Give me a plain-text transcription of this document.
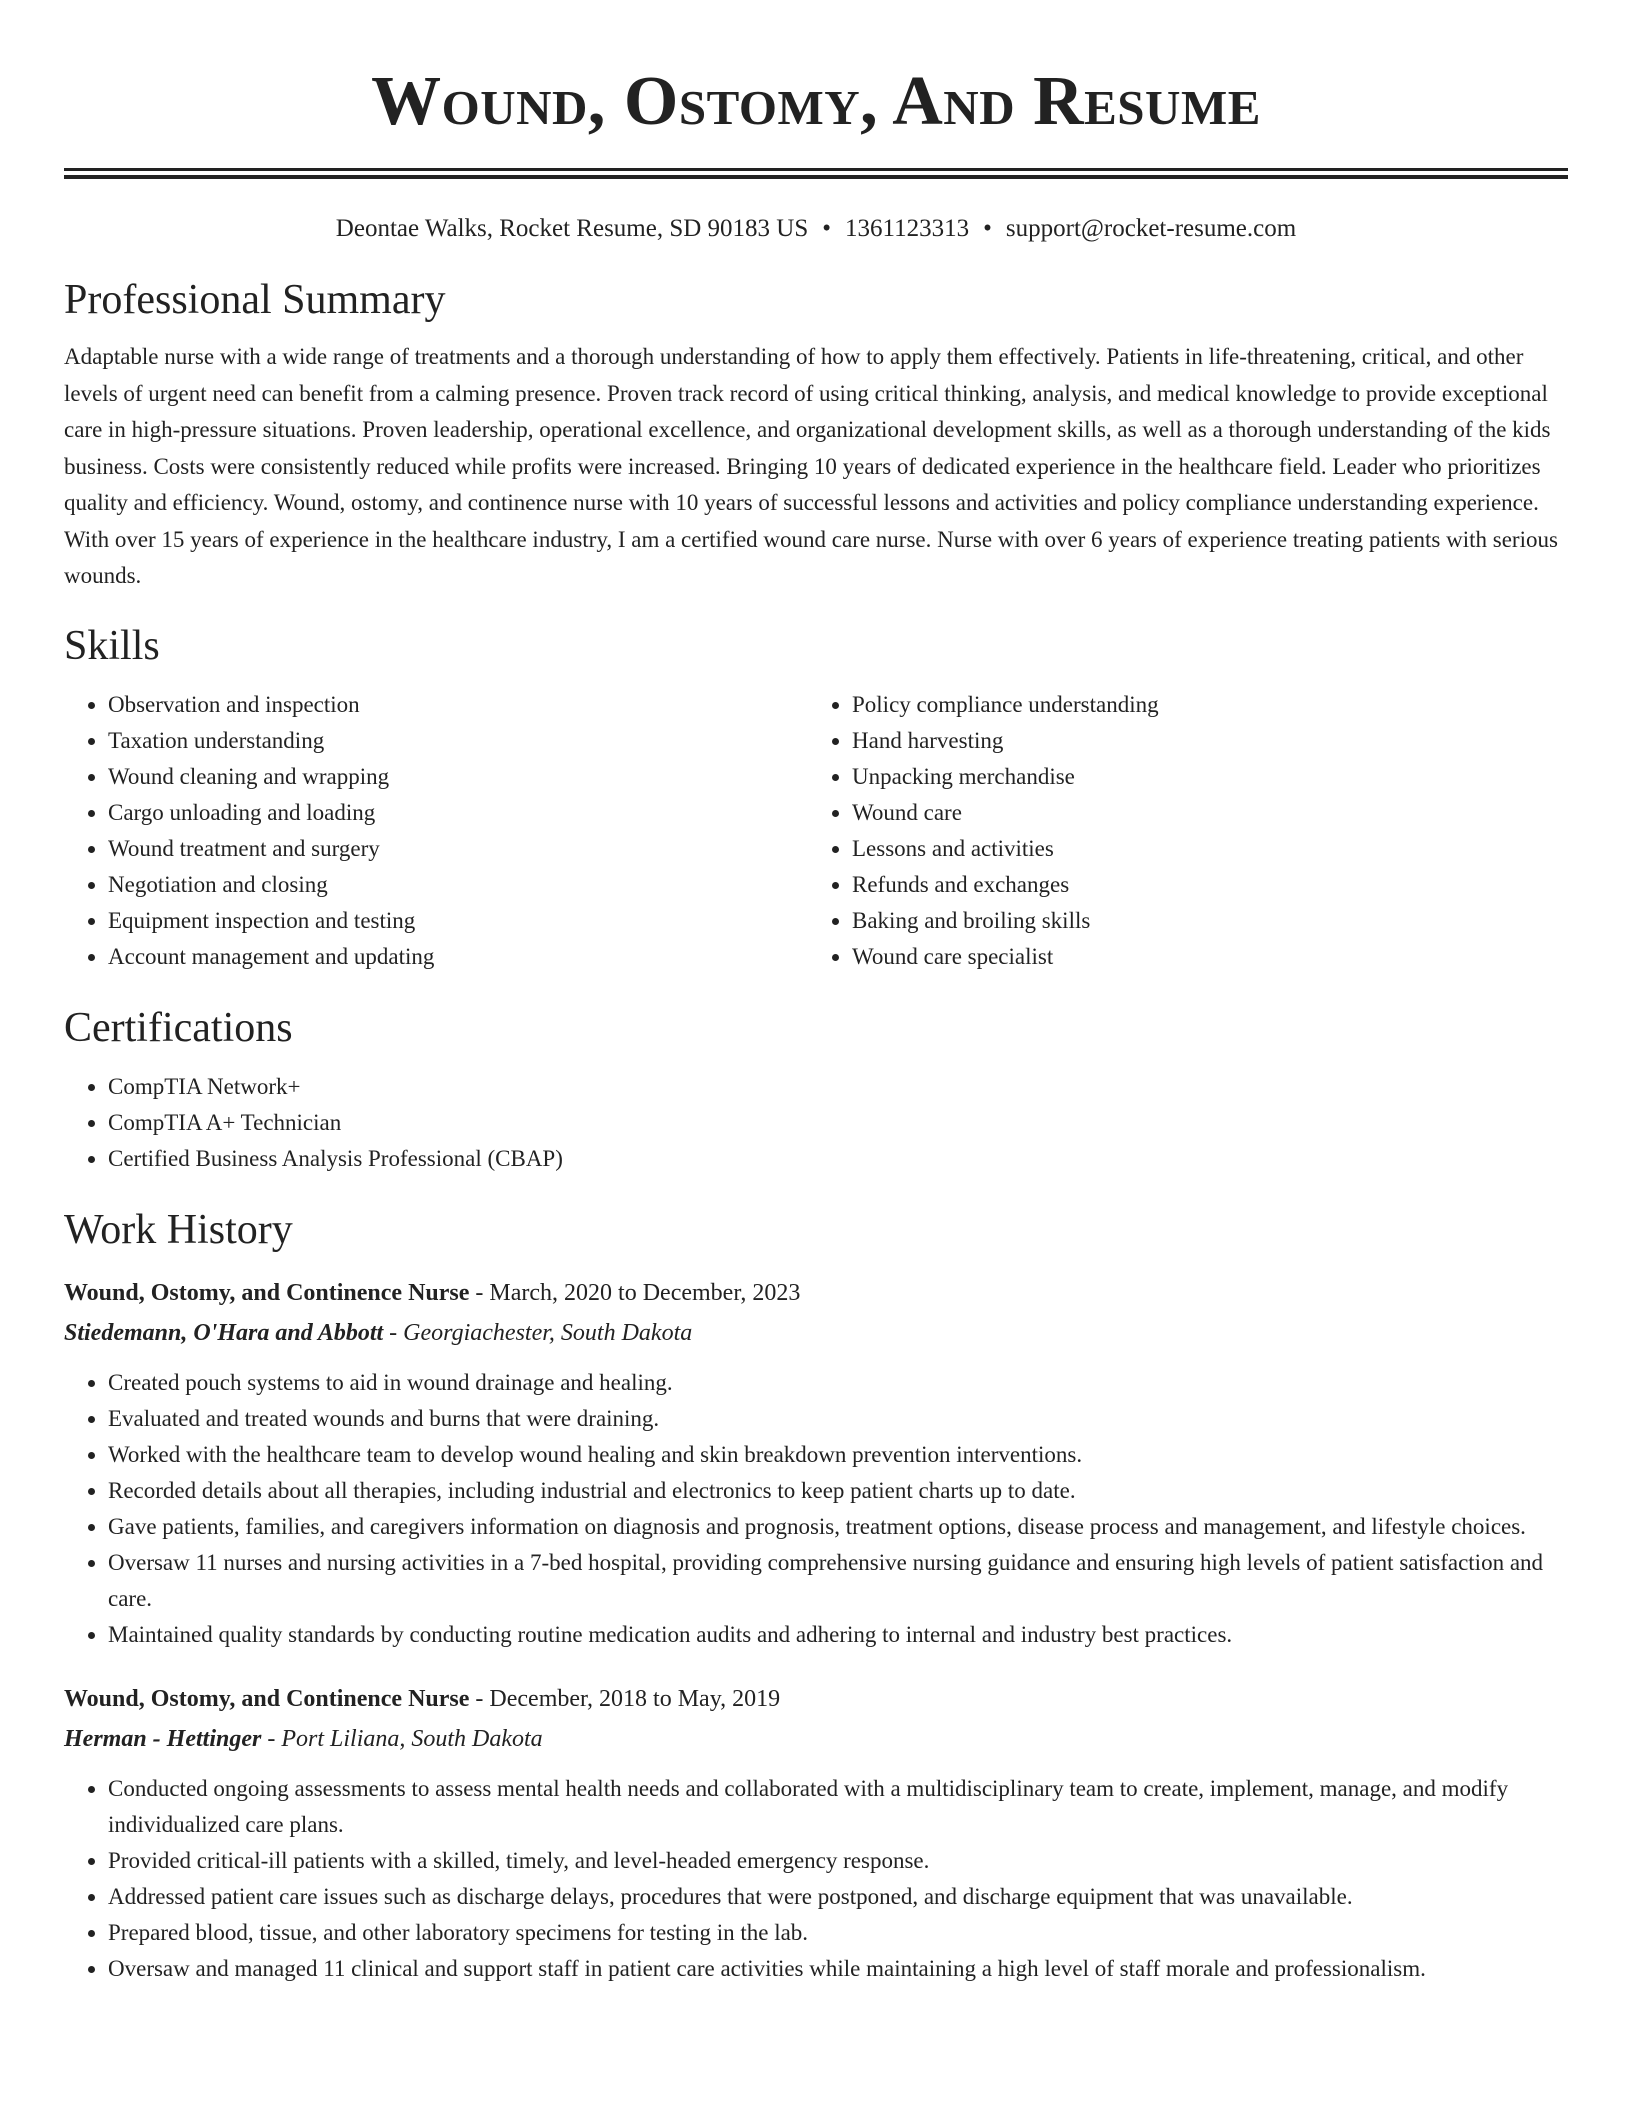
Wound, Ostomy, And Resume
Deontae Walks, Rocket Resume, SD 90183 US • 1361123313 • support@rocket-resume.com
Professional Summary
Adaptable nurse with a wide range of treatments and a thorough understanding of how to apply them effectively. Patients in life-threatening, critical, and other levels of urgent need can benefit from a calming presence. Proven track record of using critical thinking, analysis, and medical knowledge to provide exceptional care in high-pressure situations. Proven leadership, operational excellence, and organizational development skills, as well as a thorough understanding of the kids business. Costs were consistently reduced while profits were increased. Bringing 10 years of dedicated experience in the healthcare field. Leader who prioritizes quality and efficiency. Wound, ostomy, and continence nurse with 10 years of successful lessons and activities and policy compliance understanding experience. With over 15 years of experience in the healthcare industry, I am a certified wound care nurse. Nurse with over 6 years of experience treating patients with serious wounds.
Skills
• Observation and inspection
• Taxation understanding
• Wound cleaning and wrapping
• Cargo unloading and loading
• Wound treatment and surgery
• Negotiation and closing
• Equipment inspection and testing
• Account management and updating
• Policy compliance understanding
• Hand harvesting
• Unpacking merchandise
• Wound care
• Lessons and activities
• Refunds and exchanges
• Baking and broiling skills
• Wound care specialist
Certifications
• CompTIA Network+
• CompTIA A+ Technician
• Certified Business Analysis Professional (CBAP)
Work History
Wound, Ostomy, and Continence Nurse - March, 2020 to December, 2023
Stiedemann, O'Hara and Abbott - Georgiachester, South Dakota
• Created pouch systems to aid in wound drainage and healing.
• Evaluated and treated wounds and burns that were draining.
• Worked with the healthcare team to develop wound healing and skin breakdown prevention interventions.
• Recorded details about all therapies, including industrial and electronics to keep patient charts up to date.
• Gave patients, families, and caregivers information on diagnosis and prognosis, treatment options, disease process and management, and lifestyle choices.
• Oversaw 11 nurses and nursing activities in a 7-bed hospital, providing comprehensive nursing guidance and ensuring high levels of patient satisfaction and care.
• Maintained quality standards by conducting routine medication audits and adhering to internal and industry best practices.
Wound, Ostomy, and Continence Nurse - December, 2018 to May, 2019
Herman - Hettinger - Port Liliana, South Dakota
• Conducted ongoing assessments to assess mental health needs and collaborated with a multidisciplinary team to create, implement, manage, and modify individualized care plans.
• Provided critical-ill patients with a skilled, timely, and level-headed emergency response.
• Addressed patient care issues such as discharge delays, procedures that were postponed, and discharge equipment that was unavailable.
• Prepared blood, tissue, and other laboratory specimens for testing in the lab.
• Oversaw and managed 11 clinical and support staff in patient care activities while maintaining a high level of staff morale and professionalism.
